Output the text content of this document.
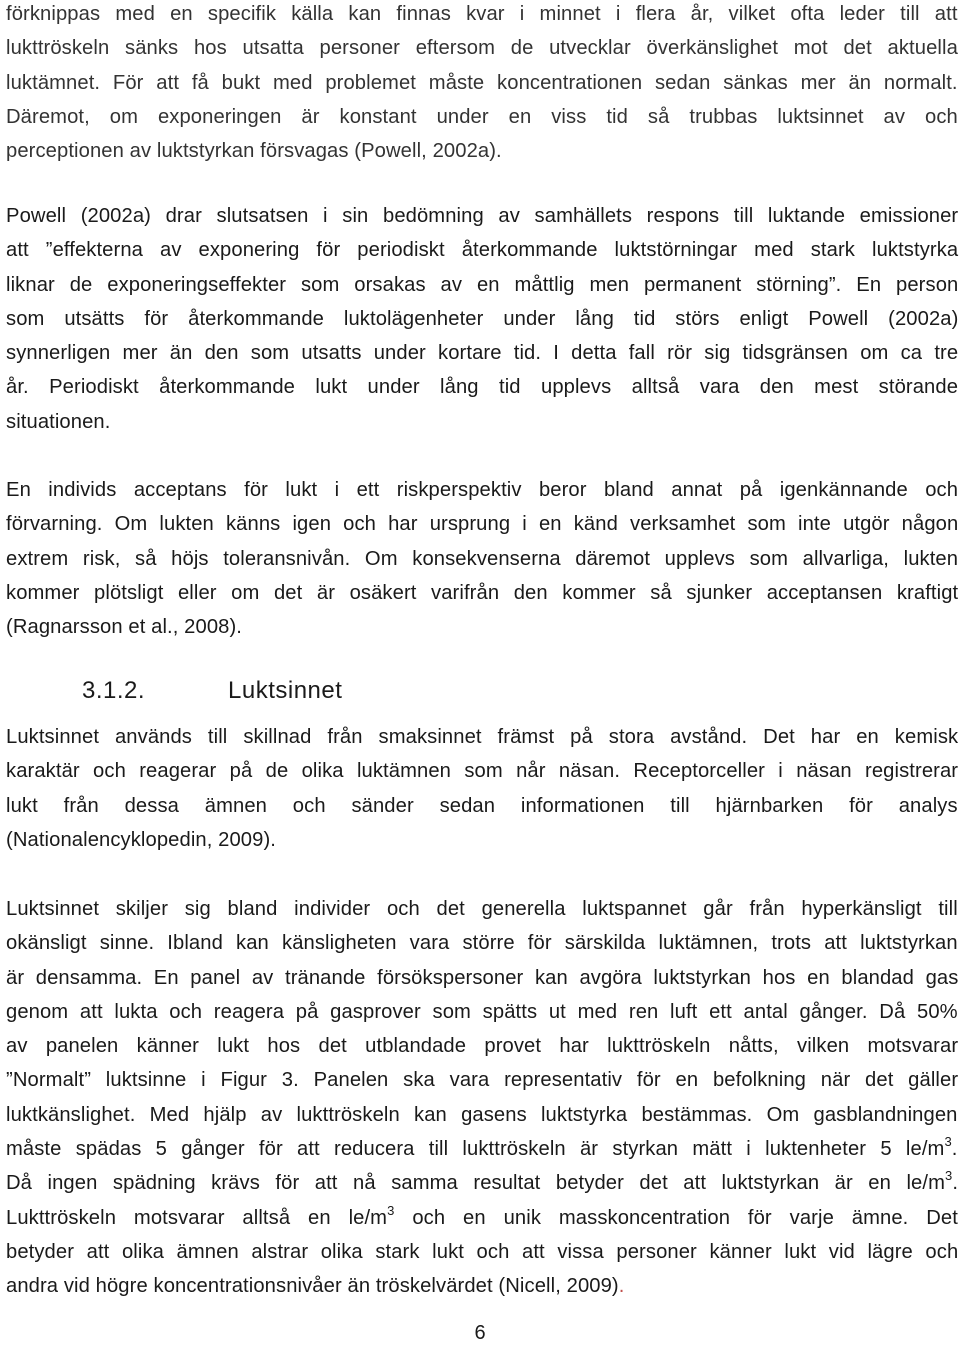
förknippas med en specifik källa kan finnas kvar i minnet i flera år, vilket ofta leder till att
lukttröskeln sänks hos utsatta personer eftersom de utvecklar överkänslighet mot det aktuella
luktämnet. För att få bukt med problemet måste koncentrationen sedan sänkas mer än normalt.
Däremot, om exponeringen är konstant under en viss tid så trubbas luktsinnet av och
perceptionen av luktstyrkan försvagas (Powell, 2002a).
Powell (2002a) drar slutsatsen i sin bedömning av samhällets respons till luktande emissioner
att ”effekterna av exponering för periodiskt återkommande luktstörningar med stark luktstyrka
liknar de exponeringseffekter som orsakas av en måttlig men permanent störning”. En person
som utsätts för återkommande luktolägenheter under lång tid störs enligt Powell (2002a)
synnerligen mer än den som utsatts under kortare tid. I detta fall rör sig tidsgränsen om ca tre
år. Periodiskt återkommande lukt under lång tid upplevs alltså vara den mest störande
situationen.
En individs acceptans för lukt i ett riskperspektiv beror bland annat på igenkännande och
förvarning. Om lukten känns igen och har ursprung i en känd verksamhet som inte utgör någon
extrem risk, så höjs toleransnivån. Om konsekvenserna däremot upplevs som allvarliga, lukten
kommer plötsligt eller om det är osäkert varifrån den kommer så sjunker acceptansen kraftigt
(Ragnarsson et al., 2008).
3.1.2.	Luktsinnet
Luktsinnet används till skillnad från smaksinnet främst på stora avstånd. Det har en kemisk
karaktär och reagerar på de olika luktämnen som når näsan. Receptorceller i näsan registrerar
lukt från dessa ämnen och sänder sedan informationen till hjärnbarken för analys
(Nationalencyklopedin, 2009).
Luktsinnet skiljer sig bland individer och det generella luktspannet går från hyperkänsligt till
okänsligt sinne. Ibland kan känsligheten vara större för särskilda luktämnen, trots att luktstyrkan
är densamma. En panel av tränande försökspersoner kan avgöra luktstyrkan hos en blandad gas
genom att lukta och reagera på gasprover som spätts ut med ren luft ett antal gånger. Då 50%
av panelen känner lukt hos det utblandade provet har lukttröskeln nåtts, vilken motsvarar
”Normalt” luktsinne i Figur 3. Panelen ska vara representativ för en befolkning när det gäller
luktkänslighet. Med hjälp av lukttröskeln kan gasens luktstyrka bestämmas. Om gasblandningen
måste spädas 5 gånger för att reducera till lukttröskeln är styrkan mätt i luktenheter 5 $le/m^3$.
Då ingen spädning krävs för att nå samma resultat betyder det att luktstyrkan är en $le/m^3$.
Lukttröskeln motsvarar alltså en $le/m^3$ och en unik masskoncentration för varje ämne. Det
betyder att olika ämnen alstrar olika stark lukt och att vissa personer känner lukt vid lägre och
andra vid högre koncentrationsnivåer än tröskelvärdet (Nicell, 2009).
6
